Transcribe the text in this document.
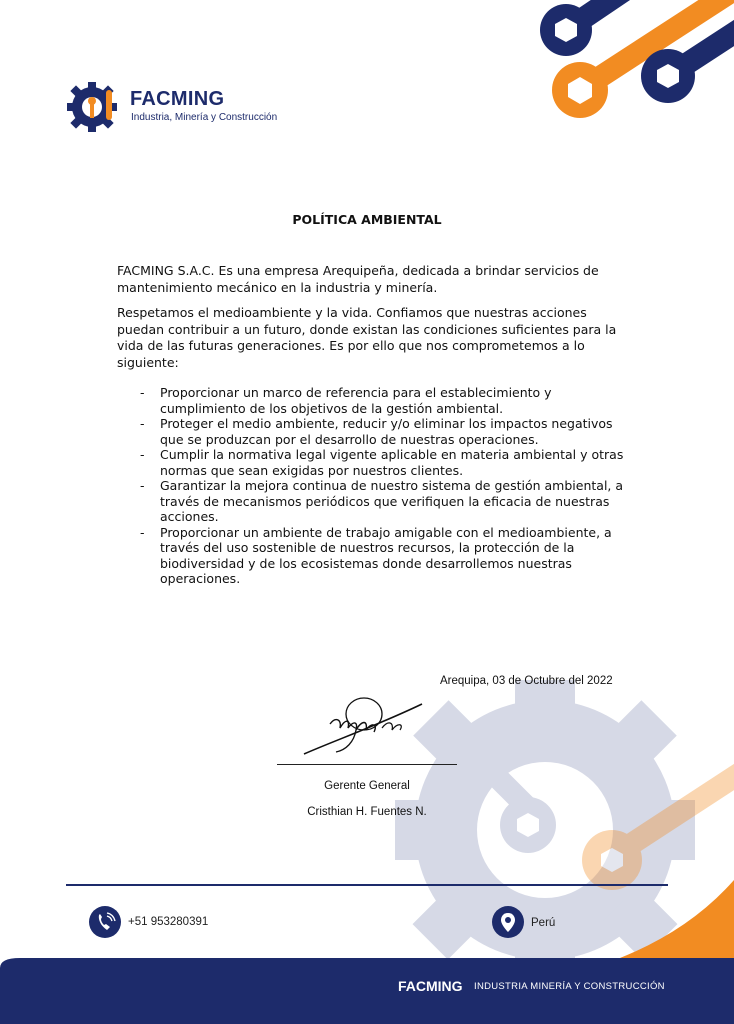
FACMING
Industria, Minería y Construcción
POLÍTICA AMBIENTAL
FACMING S.A.C. Es una empresa Arequipeña, dedicada a brindar servicios de mantenimiento mecánico en la industria y minería.
Respetamos el medioambiente y la vida. Confiamos que nuestras acciones puedan contribuir a un futuro, donde existan las condiciones suficientes para la vida de las futuras generaciones. Es por ello que nos comprometemos a lo siguiente:
- Proporcionar un marco de referencia para el establecimiento y cumplimiento de los objetivos de la gestión ambiental.
- Proteger el medio ambiente, reducir y/o eliminar los impactos negativos que se produzcan por el desarrollo de nuestras operaciones.
- Cumplir la normativa legal vigente aplicable en materia ambiental y otras normas que sean exigidas por nuestros clientes.
- Garantizar la mejora continua de nuestro sistema de gestión ambiental, a través de mecanismos periódicos que verifiquen la eficacia de nuestras acciones.
- Proporcionar un ambiente de trabajo amigable con el medioambiente, a través del uso sostenible de nuestros recursos, la protección de la biodiversidad y de los ecosistemas donde desarrollemos nuestras operaciones.
Arequipa, 03 de Octubre del 2022
Gerente General
Cristhian H. Fuentes N.
+51 953280391	Perú
FACMING INDUSTRIA MINERÍA Y CONSTRUCCIÓN
